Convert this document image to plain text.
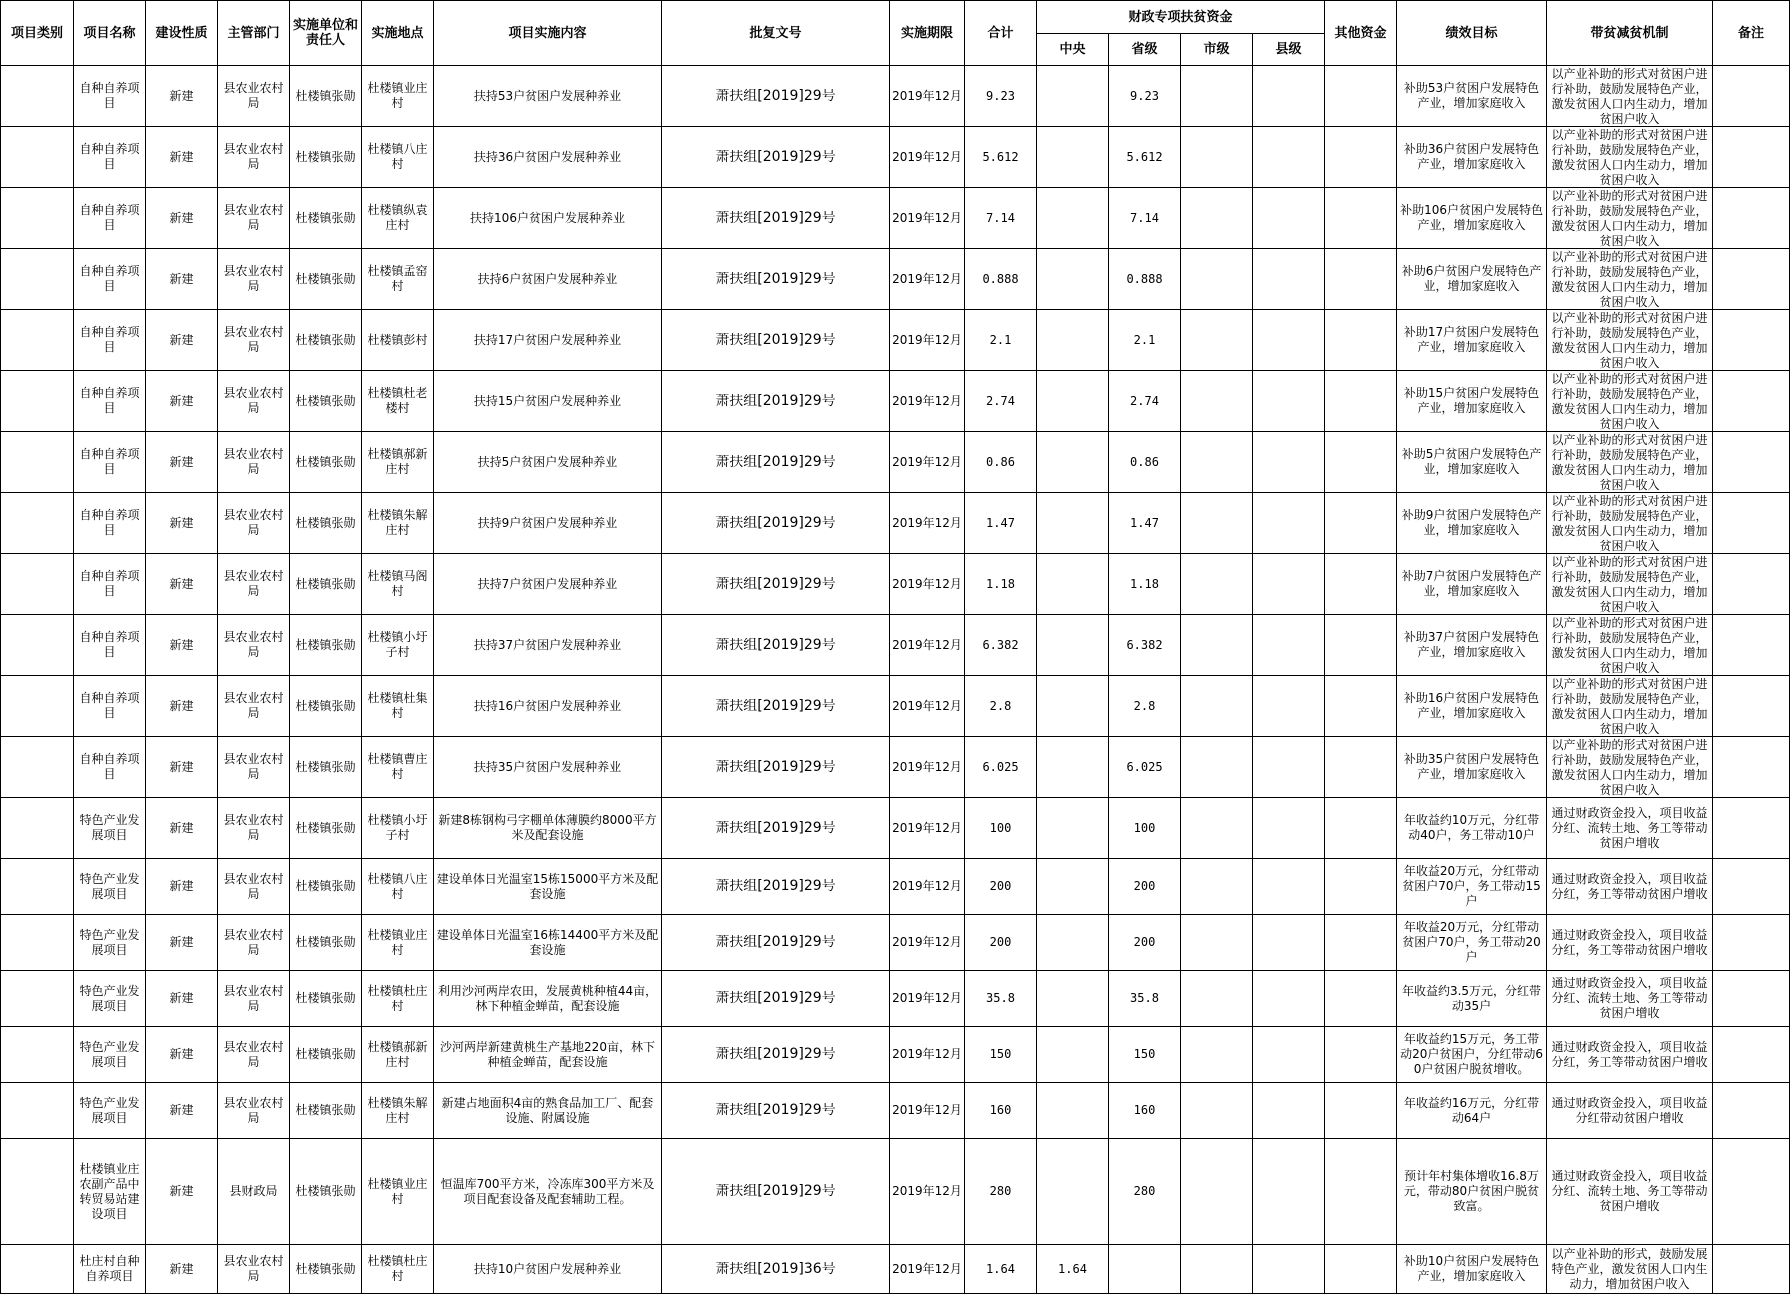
项目类别	项目名称	建设性质	主管部门	实施单位和责任人	实施地点	项目实施内容	批复文号	实施期限	合计	财政专项扶贫资金				其他资金	绩效目标	带贫减贫机制	备注
										中央	省级	市级	县级				

	自种自养项目	新建	县农业农村局	杜楼镇张勋	杜楼镇业庄村	扶持53户贫困户发展种养业	萧扶组[2019]29号	2019年12月	9.23		9.23				补助53户贫困户发展特色产业，增加家庭收入	以产业补助的形式对贫困户进行补助，鼓励发展特色产业，激发贫困人口内生动力，增加贫困户收入	

	自种自养项目	新建	县农业农村局	杜楼镇张勋	杜楼镇八庄村	扶持36户贫困户发展种养业	萧扶组[2019]29号	2019年12月	5.612		5.612				补助36户贫困户发展特色产业，增加家庭收入	以产业补助的形式对贫困户进行补助，鼓励发展特色产业，激发贫困人口内生动力，增加贫困户收入	

	自种自养项目	新建	县农业农村局	杜楼镇张勋	杜楼镇纵袁庄村	扶持106户贫困户发展种养业	萧扶组[2019]29号	2019年12月	7.14		7.14				补助106户贫困户发展特色产业，增加家庭收入	以产业补助的形式对贫困户进行补助，鼓励发展特色产业，激发贫困人口内生动力，增加贫困户收入	

	自种自养项目	新建	县农业农村局	杜楼镇张勋	杜楼镇孟窑村	扶持6户贫困户发展种养业	萧扶组[2019]29号	2019年12月	0.888		0.888				补助6户贫困户发展特色产业，增加家庭收入	以产业补助的形式对贫困户进行补助，鼓励发展特色产业，激发贫困人口内生动力，增加贫困户收入	

	自种自养项目	新建	县农业农村局	杜楼镇张勋	杜楼镇彭村	扶持17户贫困户发展种养业	萧扶组[2019]29号	2019年12月	2.1		2.1				补助17户贫困户发展特色产业，增加家庭收入	以产业补助的形式对贫困户进行补助，鼓励发展特色产业，激发贫困人口内生动力，增加贫困户收入	

	自种自养项目	新建	县农业农村局	杜楼镇张勋	杜楼镇杜老楼村	扶持15户贫困户发展种养业	萧扶组[2019]29号	2019年12月	2.74		2.74				补助15户贫困户发展特色产业，增加家庭收入	以产业补助的形式对贫困户进行补助，鼓励发展特色产业，激发贫困人口内生动力，增加贫困户收入	

	自种自养项目	新建	县农业农村局	杜楼镇张勋	杜楼镇郝新庄村	扶持5户贫困户发展种养业	萧扶组[2019]29号	2019年12月	0.86		0.86				补助5户贫困户发展特色产业，增加家庭收入	以产业补助的形式对贫困户进行补助，鼓励发展特色产业，激发贫困人口内生动力，增加贫困户收入	

	自种自养项目	新建	县农业农村局	杜楼镇张勋	杜楼镇朱解庄村	扶持9户贫困户发展种养业	萧扶组[2019]29号	2019年12月	1.47		1.47				补助9户贫困户发展特色产业，增加家庭收入	以产业补助的形式对贫困户进行补助，鼓励发展特色产业，激发贫困人口内生动力，增加贫困户收入	

	自种自养项目	新建	县农业农村局	杜楼镇张勋	杜楼镇马阁村	扶持7户贫困户发展种养业	萧扶组[2019]29号	2019年12月	1.18		1.18				补助7户贫困户发展特色产业，增加家庭收入	以产业补助的形式对贫困户进行补助，鼓励发展特色产业，激发贫困人口内生动力，增加贫困户收入	

	自种自养项目	新建	县农业农村局	杜楼镇张勋	杜楼镇小圩子村	扶持37户贫困户发展种养业	萧扶组[2019]29号	2019年12月	6.382		6.382				补助37户贫困户发展特色产业，增加家庭收入	以产业补助的形式对贫困户进行补助，鼓励发展特色产业，激发贫困人口内生动力，增加贫困户收入	

	自种自养项目	新建	县农业农村局	杜楼镇张勋	杜楼镇杜集村	扶持16户贫困户发展种养业	萧扶组[2019]29号	2019年12月	2.8		2.8				补助16户贫困户发展特色产业，增加家庭收入	以产业补助的形式对贫困户进行补助，鼓励发展特色产业，激发贫困人口内生动力，增加贫困户收入	

	自种自养项目	新建	县农业农村局	杜楼镇张勋	杜楼镇曹庄村	扶持35户贫困户发展种养业	萧扶组[2019]29号	2019年12月	6.025		6.025				补助35户贫困户发展特色产业，增加家庭收入	以产业补助的形式对贫困户进行补助，鼓励发展特色产业，激发贫困人口内生动力，增加贫困户收入	

	特色产业发展项目	新建	县农业农村局	杜楼镇张勋	杜楼镇小圩子村	新建8栋钢构弓字棚单体薄膜约8000平方米及配套设施	萧扶组[2019]29号	2019年12月	100		100				年收益约10万元，分红带动40户，务工带动10户	通过财政资金投入，项目收益分红、流转土地、务工等带动贫困户增收	

	特色产业发展项目	新建	县农业农村局	杜楼镇张勋	杜楼镇八庄村	建设单体日光温室15栋15000平方米及配套设施	萧扶组[2019]29号	2019年12月	200		200				年收益20万元，分红带动贫困户70户，务工带动15户	通过财政资金投入，项目收益分红，务工等带动贫困户增收	

	特色产业发展项目	新建	县农业农村局	杜楼镇张勋	杜楼镇业庄村	建设单体日光温室16栋14400平方米及配套设施	萧扶组[2019]29号	2019年12月	200		200				年收益20万元，分红带动贫困户70户，务工带动20户	通过财政资金投入，项目收益分红，务工等带动贫困户增收	

	特色产业发展项目	新建	县农业农村局	杜楼镇张勋	杜楼镇杜庄村	利用沙河两岸农田，发展黄桃种植44亩，林下种植金蝉苗，配套设施	萧扶组[2019]29号	2019年12月	35.8		35.8				年收益约3.5万元，分红带动35户	通过财政资金投入，项目收益分红、流转土地、务工等带动贫困户增收	

	特色产业发展项目	新建	县农业农村局	杜楼镇张勋	杜楼镇郝新庄村	沙河两岸新建黄桃生产基地220亩，林下种植金蝉苗，配套设施	萧扶组[2019]29号	2019年12月	150		150				年收益约15万元，务工带动20户贫困户，分红带动60户贫困户脱贫增收。	通过财政资金投入，项目收益分红，务工等带动贫困户增收	

	特色产业发展项目	新建	县农业农村局	杜楼镇张勋	杜楼镇朱解庄村	新建占地面积4亩的熟食品加工厂、配套设施、附属设施	萧扶组[2019]29号	2019年12月	160		160				年收益约16万元，分红带动64户	通过财政资金投入，项目收益分红带动贫困户增收	

	杜楼镇业庄农副产品中转贸易站建设项目	新建	县财政局	杜楼镇张勋	杜楼镇业庄村	恒温库700平方米，冷冻库300平方米及项目配套设备及配套辅助工程。	萧扶组[2019]29号	2019年12月	280		280				预计年村集体增收16.8万元，带动80户贫困户脱贫致富。	通过财政资金投入，项目收益分红、流转土地、务工等带动贫困户增收	

	杜庄村自种自养项目	新建	县农业农村局	杜楼镇张勋	杜楼镇杜庄村	扶持10户贫困户发展种养业	萧扶组[2019]36号	2019年12月	1.64	1.64					补助10户贫困户发展特色产业，增加家庭收入	以产业补助的形式，鼓励发展特色产业，激发贫困人口内生动力，增加贫困户收入	
